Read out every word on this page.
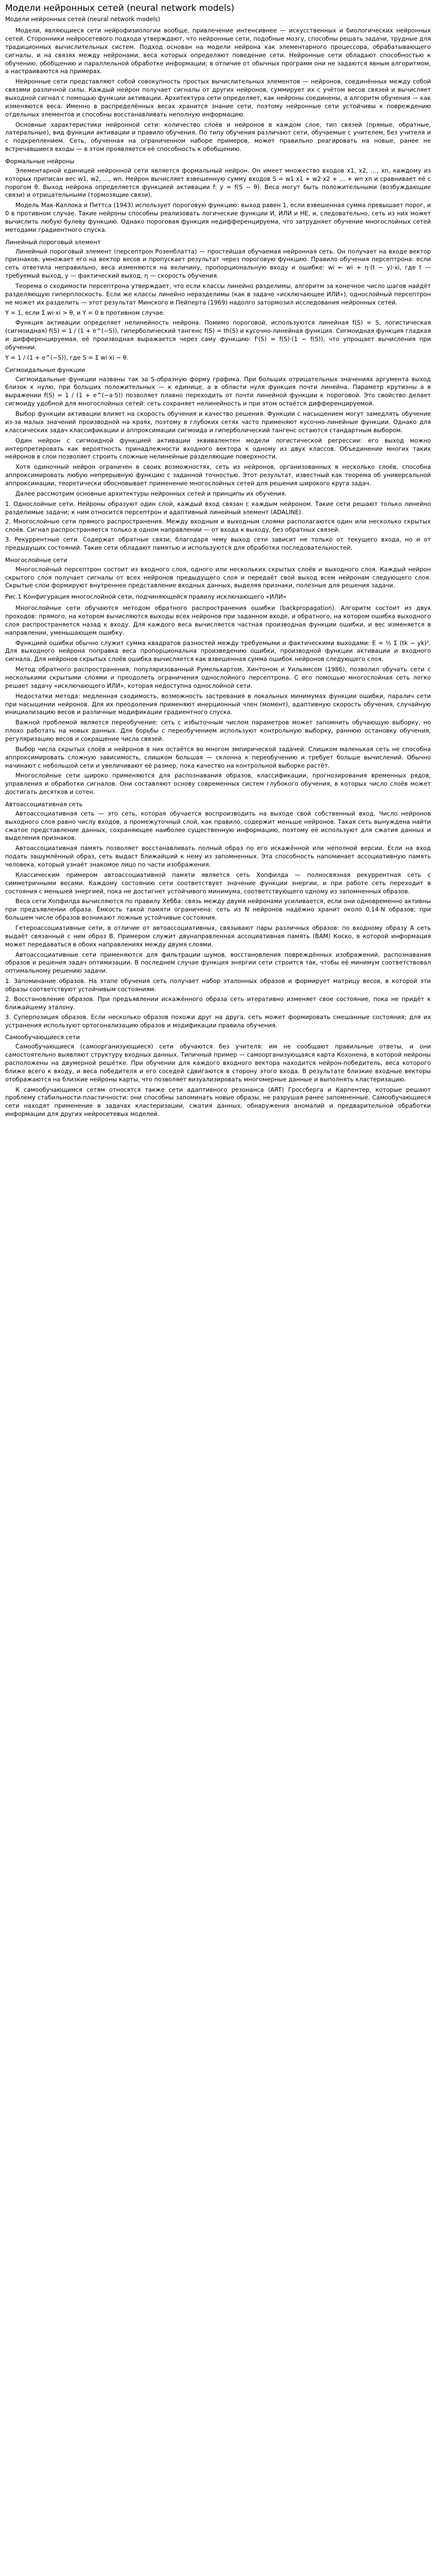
Модели нейронных сетей (neural network models)
Модели нейронных сетей (neural network models)

Модели, являющиеся сети нейрофизиологии вообще, привлечение интенсивнее — искусственных и биологических нейронных сетей. Сторонники нейросетевого подхода утверждают, что нейронные сети, подобные мозгу, способны решать задачи, трудные для традиционных вычислительных систем. Подход основан на модели нейрона как элементарного процессора, обрабатывающего сигналы, и на связях между нейронами, веса которых определяют поведение сети. Нейронные сети обладают способностью к обучению, обобщению и параллельной обработке информации; в отличие от обычных программ они не задаются явным алгоритмом, а настраиваются на примерах.

Нейронные сети представляют собой совокупность простых вычислительных элементов — нейронов, соединённых между собой связями различной силы. Каждый нейрон получает сигналы от других нейронов, суммирует их с учётом весов связей и вычисляет выходной сигнал с помощью функции активации. Архитектура сети определяет, как нейроны соединены, а алгоритм обучения — как изменяются веса. Именно в распределённых весах хранится знание сети, поэтому нейронные сети устойчивы к повреждению отдельных элементов и способны восстанавливать неполную информацию.

Основные характеристики нейронной сети: количество слоёв и нейронов в каждом слое, тип связей (прямые, обратные, латеральные), вид функции активации и правило обучения. По типу обучения различают сети, обучаемые с учителем, без учителя и с подкреплением. Сеть, обученная на ограниченном наборе примеров, может правильно реагировать на новые, ранее не встречавшиеся входы — в этом проявляется её способность к обобщению.

Формальные нейроны

Элементарной единицей нейронной сети является формальный нейрон. Он имеет множество входов x1, x2, …, xn, каждому из которых приписан вес w1, w2, …, wn. Нейрон вычисляет взвешенную сумму входов S = w1·x1 + w2·x2 + … + wn·xn и сравнивает её с порогом θ. Выход нейрона определяется функцией активации f: y = f(S − θ). Веса могут быть положительными (возбуждающие связи) и отрицательными (тормозящие связи).

Модель Мак-Каллока и Питтса (1943) использует пороговую функцию: выход равен 1, если взвешенная сумма превышает порог, и 0 в противном случае. Такие нейроны способны реализовать логические функции И, ИЛИ и НЕ, и, следовательно, сеть из них может вычислить любую булеву функцию. Однако пороговая функция недифференцируема, что затрудняет обучение многослойных сетей методами градиентного спуска.

Линейный пороговый элемент

Линейный пороговый элемент (персептрон Розенблатта) — простейшая обучаемая нейронная сеть. Он получает на входе вектор признаков, умножает его на вектор весов и пропускает результат через пороговую функцию. Правило обучения персептрона: если сеть ответила неправильно, веса изменяются на величину, пропорциональную входу и ошибке: wi ← wi + η·(t − y)·xi, где t — требуемый выход, y — фактический выход, η — скорость обучения.

Теорема о сходимости персептрона утверждает, что если классы линейно разделимы, алгоритм за конечное число шагов найдёт разделяющую гиперплоскость. Если же классы линейно неразделимы (как в задаче «исключающее ИЛИ»), однослойный персептрон не может их разделить — этот результат Минского и Пейперта (1969) надолго затормозил исследования нейронных сетей.

Y = 1, если Σ wi·xi > θ, и Y = 0 в противном случае.

Функция активации определяет нелинейность нейрона. Помимо пороговой, используются линейная f(S) = S, логистическая (сигмоидная) f(S) = 1 / (1 + e^(−S)), гиперболический тангенс f(S) = th(S) и кусочно-линейная функция. Сигмоидная функция гладкая и дифференцируемая, её производная выражается через саму функцию: f'(S) = f(S)·(1 − f(S)), что упрощает вычисления при обучении.

Y = 1 / (1 + e^(−S)), где S = Σ wi·xi − θ.

Сигмоидальные функции

Сигмоидальные функции названы так за S-образную форму графика. При больших отрицательных значениях аргумента выход близок к нулю, при больших положительных — к единице, а в области нуля функция почти линейна. Параметр крутизны a в выражении f(S) = 1 / (1 + e^(−a·S)) позволяет плавно переходить от почти линейной функции к пороговой. Это свойство делает сигмоиду удобной для многослойных сетей: сеть сохраняет нелинейность и при этом остаётся дифференцируемой.

Выбор функции активации влияет на скорость обучения и качество решения. Функции с насыщением могут замедлять обучение из-за малых значений производной на краях, поэтому в глубоких сетях часто применяют кусочно-линейные функции. Однако для классических задач классификации и аппроксимации сигмоида и гиперболический тангенс остаются стандартным выбором.

Один нейрон с сигмоидной функцией активации эквивалентен модели логистической регрессии: его выход можно интерпретировать как вероятность принадлежности входного вектора к одному из двух классов. Объединение многих таких нейронов в слои позволяет строить сложные нелинейные разделяющие поверхности.

Хотя одиночный нейрон ограничен в своих возможностях, сеть из нейронов, организованных в несколько слоёв, способна аппроксимировать любую непрерывную функцию с заданной точностью. Этот результат, известный как теорема об универсальной аппроксимации, теоретически обосновывает применение многослойных сетей для решения широкого круга задач.

Далее рассмотрим основные архитектуры нейронных сетей и принципы их обучения.

1. Однослойные сети. Нейроны образуют один слой, каждый вход связан с каждым нейроном. Такие сети решают только линейно разделимые задачи; к ним относится персептрон и адаптивный линейный элемент (ADALINE).
2. Многослойные сети прямого распространения. Между входным и выходным слоями располагаются один или несколько скрытых слоёв. Сигнал распространяется только в одном направлении — от входа к выходу, без обратных связей.
3. Рекуррентные сети. Содержат обратные связи, благодаря чему выход сети зависит не только от текущего входа, но и от предыдущих состояний. Такие сети обладают памятью и используются для обработки последовательностей.
Многослойные сети

Многослойный персептрон состоит из входного слоя, одного или нескольких скрытых слоёв и выходного слоя. Каждый нейрон скрытого слоя получает сигналы от всех нейронов предыдущего слоя и передаёт свой выход всем нейронам следующего слоя. Скрытые слои формируют внутреннее представление входных данных, выделяя признаки, полезные для решения задачи.

Рис.1 Конфигурация многослойной сети, подчиняющейся правилу исключающего «ИЛИ»

Многослойные сети обучаются методом обратного распространения ошибки (backpropagation). Алгоритм состоит из двух проходов: прямого, на котором вычисляются выходы всех нейронов при заданном входе, и обратного, на котором ошибка выходного слоя распространяется назад к входу. Для каждого веса вычисляется частная производная функции ошибки, и вес изменяется в направлении, уменьшающем ошибку.

Функцией ошибки обычно служит сумма квадратов разностей между требуемыми и фактическими выходами: E = ½ Σ (tk − yk)². Для выходного нейрона поправка веса пропорциональна произведению ошибки, производной функции активации и входного сигнала. Для нейронов скрытых слоёв ошибка вычисляется как взвешенная сумма ошибок нейронов следующего слоя.

Метод обратного распространения, популяризованный Румельхартом, Хинтоном и Уильямсом (1986), позволил обучать сети с несколькими скрытыми слоями и преодолеть ограничения однослойного персептрона. С его помощью многослойная сеть легко решает задачу «исключающего ИЛИ», которая недоступна однослойной сети.

Недостатки метода: медленная сходимость, возможность застревания в локальных минимумах функции ошибки, паралич сети при насыщении нейронов. Для их преодоления применяют инерционный член (момент), адаптивную скорость обучения, случайную инициализацию весов и различные модификации градиентного спуска.

Важной проблемой является переобучение: сеть с избыточным числом параметров может запомнить обучающую выборку, но плохо работать на новых данных. Для борьбы с переобучением используют контрольную выборку, раннюю остановку обучения, регуляризацию весов и сокращение числа связей.

Выбор числа скрытых слоёв и нейронов в них остаётся во многом эмпирической задачей. Слишком маленькая сеть не способна аппроксимировать сложную зависимость, слишком большая — склонна к переобучению и требует больше вычислений. Обычно начинают с небольшой сети и увеличивают её размер, пока качество на контрольной выборке растёт.

Многослойные сети широко применяются для распознавания образов, классификации, прогнозирования временных рядов, управления и обработки сигналов. Они составляют основу современных систем глубокого обучения, в которых число слоёв может достигать десятков и сотен.

Автоассоциативная сеть

Автоассоциативная сеть — это сеть, которая обучается воспроизводить на выходе свой собственный вход. Число нейронов выходного слоя равно числу входов, а промежуточный слой, как правило, содержит меньше нейронов. Такая сеть вынуждена найти сжатое представление данных, сохраняющее наиболее существенную информацию, поэтому её используют для сжатия данных и выделения признаков.

Автоассоциативная память позволяет восстанавливать полный образ по его искажённой или неполной версии. Если на вход подать зашумлённый образ, сеть выдаст ближайший к нему из запомненных. Эта способность напоминает ассоциативную память человека, который узнаёт знакомое лицо по части изображения.

Классическим примером автоассоциативной памяти является сеть Хопфилда — полносвязная рекуррентная сеть с симметричными весами. Каждому состоянию сети соответствует значение функции энергии, и при работе сеть переходит в состояния с меньшей энергией, пока не достигнет устойчивого минимума, соответствующего одному из запомненных образов.

Веса сети Хопфилда вычисляются по правилу Хебба: связь между двумя нейронами усиливается, если они одновременно активны при предъявлении образа. Ёмкость такой памяти ограничена: сеть из N нейронов надёжно хранит около 0,14·N образов; при большем числе образов возникают ложные устойчивые состояния.

Гетероассоциативные сети, в отличие от автоассоциативных, связывают пары различных образов: по входному образу A сеть выдаёт связанный с ним образ B. Примером служит двунаправленная ассоциативная память (BAM) Коско, в которой информация может передаваться в обоих направлениях между двумя слоями.

Автоассоциативные сети применяются для фильтрации шумов, восстановления повреждённых изображений, распознавания образов и решения задач оптимизации. В последнем случае функция энергии сети строится так, чтобы её минимум соответствовал оптимальному решению задачи.

1. Запоминание образов. На этапе обучения сеть получает набор эталонных образов и формирует матрицу весов, в которой эти образы соответствуют устойчивым состояниям.
2. Восстановление образов. При предъявлении искажённого образа сеть итеративно изменяет свое состояние, пока не придёт к ближайшему эталону.
3. Суперпозиция образов. Если несколько образов похожи друг на друга, сеть может формировать смешанные состояния; для их устранения используют ортогонализацию образов и модификации правила обучения.
Самообучающиеся сети

Самообучающиеся (самоорганизующиеся) сети обучаются без учителя: им не сообщают правильные ответы, и они самостоятельно выявляют структуру входных данных. Типичный пример — самоорганизующаяся карта Кохонена, в которой нейроны расположены на двумерной решётке. При обучении для каждого входного вектора находится нейрон-победитель, веса которого ближе всего к входу, и веса победителя и его соседей сдвигаются в сторону этого входа. В результате близкие входные векторы отображаются на близкие нейроны карты, что позволяет визуализировать многомерные данные и выполнять кластеризацию.

К самообучающимся сетям относятся также сети адаптивного резонанса (ART) Гроссберга и Карпентер, которые решают проблему стабильности-пластичности: они способны запоминать новые образы, не разрушая ранее запомненные. Самообучающиеся сети находят применение в задачах кластеризации, сжатия данных, обнаружения аномалий и предварительной обработки информации для других нейросетевых моделей.
